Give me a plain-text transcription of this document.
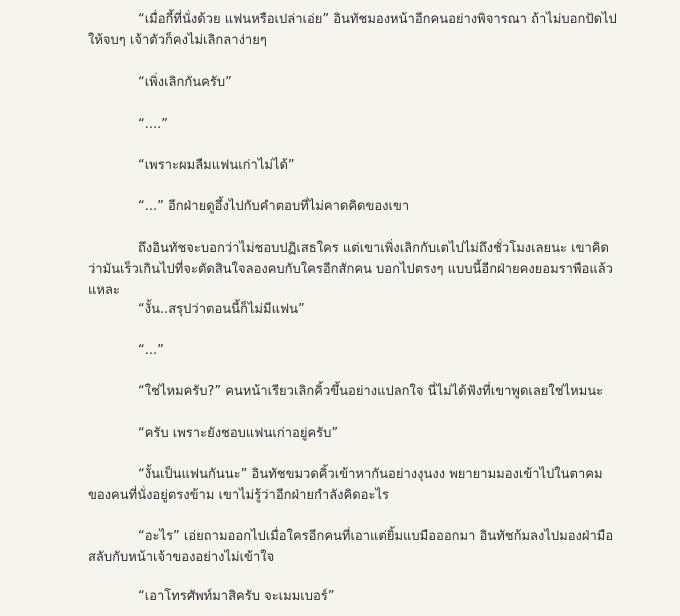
“เมื่อกี้ที่นั่งด้วย แฟนหรือเปล่าเอ่ย” อินทัชมองหน้าอีกคนอย่างพิจารณา ถ้าไม่บอกปัดไปให้จบๆ เจ้าตัวก็คงไม่เลิกลาง่ายๆ

“เพิ่งเลิกกันครับ”

“....”

“เพราะผมลืมแฟนเก่าไม่ได้”

“...” อีกฝ่ายดูอึ้งไปกับคำตอบที่ไม่คาดคิดของเขา

ถึงอินทัชจะบอกว่าไม่ชอบปฏิเสธใคร แต่เขาเพิ่งเลิกกับเตไปไม่ถึงชั่วโมงเลยนะ เขาคิดว่ามันเร็วเกินไปที่จะตัดสินใจลองคบกับใครอีกสักคน บอกไปตรงๆ แบบนี้อีกฝ่ายคงยอมราพือแล้วแหละ

“งั้น..สรุปว่าตอนนี้ก็ไม่มีแฟน”

“...”

“ใช่ไหมครับ?” คนหน้าเรียวเลิกคิ้วขึ้นอย่างแปลกใจ นี่ไม่ได้ฟังที่เขาพูดเลยใช่ไหมนะ

“ครับ เพราะยังชอบแฟนเก่าอยู่ครับ”

“งั้นเป็นแฟนกันนะ” อินทัชขมวดคิ้วเข้าหากันอย่างงุนงง พยายามมองเข้าไปในตาคมของคนที่นั่งอยู่ตรงข้าม เขาไม่รู้ว่าอีกฝ่ายกำลังคิดอะไร

“อะไร” เอ่ยถามออกไปเมื่อใครอีกคนที่เอาแต่ยิ้มแบมือออกมา อินทัชก้มลงไปมองฝ่ามือสลับกับหน้าเจ้าของอย่างไม่เข้าใจ

“เอาโทรศัพท์มาสิครับ จะเมมเบอร์”
